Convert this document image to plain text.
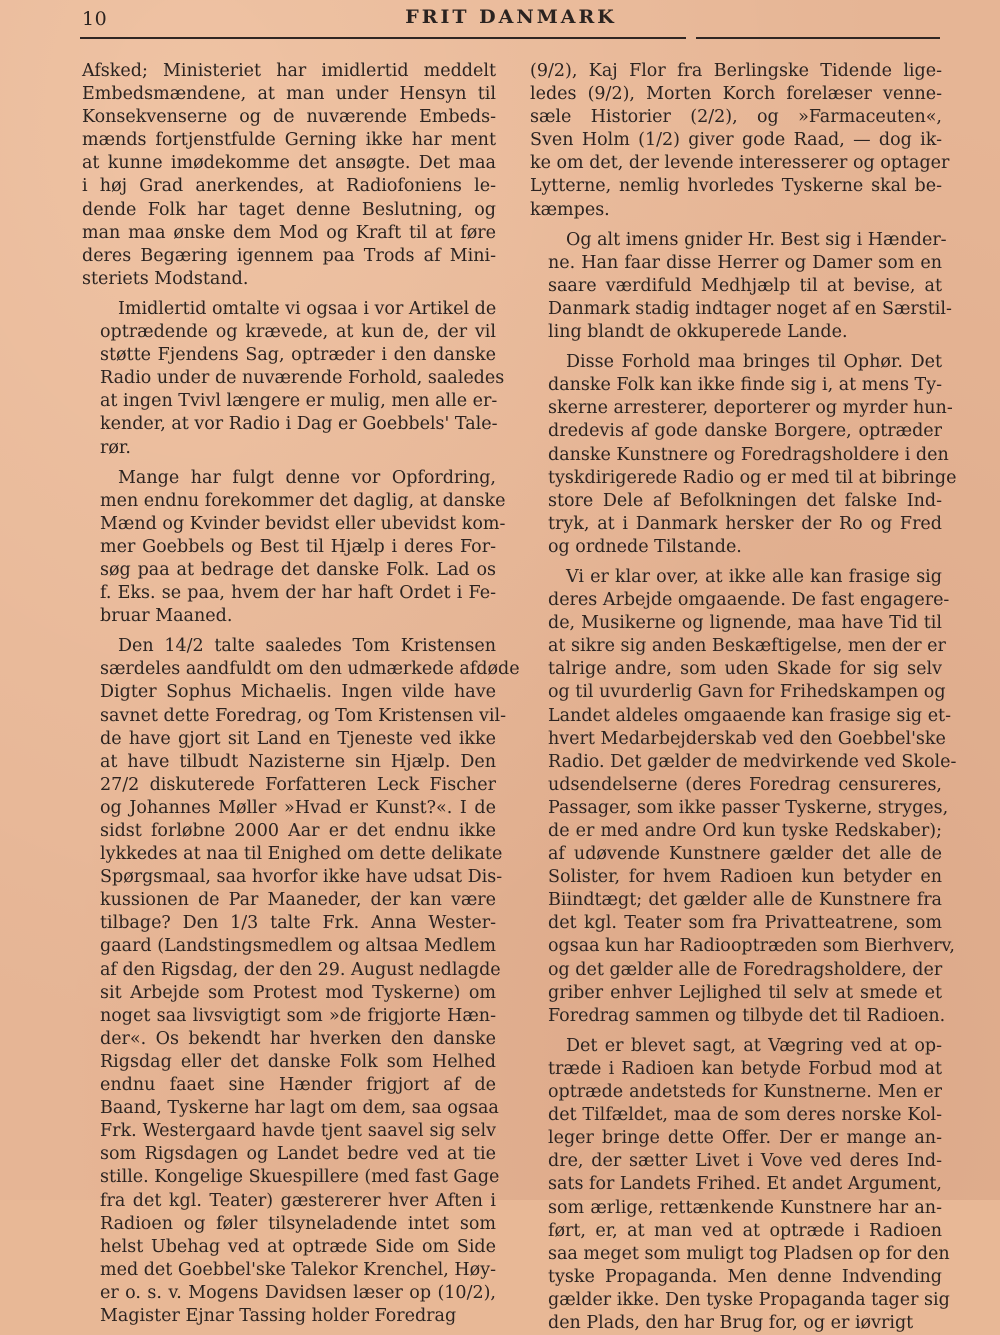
10	FRIT DANMARK

Afsked; Ministeriet har imidlertid meddelt
Embedsmændene, at man under Hensyn til
Konsekvenserne og de nuværende Embeds-
mænds fortjenstfulde Gerning ikke har ment
at kunne imødekomme det ansøgte. Det maa
i høj Grad anerkendes, at Radiofoniens le-
dende Folk har taget denne Beslutning, og
man maa ønske dem Mod og Kraft til at føre
deres Begæring igennem paa Trods af Mini-
steriets Modstand.

Imidlertid omtalte vi ogsaa i vor Artikel de
optrædende og krævede, at kun de, der vil
støtte Fjendens Sag, optræder i den danske
Radio under de nuværende Forhold, saaledes
at ingen Tvivl længere er mulig, men alle er-
kender, at vor Radio i Dag er Goebbels' Tale-
rør.

Mange har fulgt denne vor Opfordring,
men endnu forekommer det daglig, at danske
Mænd og Kvinder bevidst eller ubevidst kom-
mer Goebbels og Best til Hjælp i deres For-
søg paa at bedrage det danske Folk. Lad os
f. Eks. se paa, hvem der har haft Ordet i Fe-
bruar Maaned.

Den 14/2 talte saaledes Tom Kristensen
særdeles aandfuldt om den udmærkede afdøde
Digter Sophus Michaelis. Ingen vilde have
savnet dette Foredrag, og Tom Kristensen vil-
de have gjort sit Land en Tjeneste ved ikke
at have tilbudt Nazisterne sin Hjælp. Den
27/2 diskuterede Forfatteren Leck Fischer
og Johannes Møller »Hvad er Kunst?«. I de
sidst forløbne 2000 Aar er det endnu ikke
lykkedes at naa til Enighed om dette delikate
Spørgsmaal, saa hvorfor ikke have udsat Dis-
kussionen de Par Maaneder, der kan være
tilbage? Den 1/3 talte Frk. Anna Wester-
gaard (Landstingsmedlem og altsaa Medlem
af den Rigsdag, der den 29. August nedlagde
sit Arbejde som Protest mod Tyskerne) om
noget saa livsvigtigt som »de frigjorte Hæn-
der«. Os bekendt har hverken den danske
Rigsdag eller det danske Folk som Helhed
endnu faaet sine Hænder frigjort af de
Baand, Tyskerne har lagt om dem, saa ogsaa
Frk. Westergaard havde tjent saavel sig selv
som Rigsdagen og Landet bedre ved at tie
stille. Kongelige Skuespillere (med fast Gage
fra det kgl. Teater) gæstererer hver Aften i
Radioen og føler tilsyneladende intet som
helst Ubehag ved at optræde Side om Side
med det Goebbel'ske Talekor Krenchel, Høy-
er o. s. v. Mogens Davidsen læser op (10/2),
Magister Ejnar Tassing holder Foredrag

(9/2), Kaj Flor fra Berlingske Tidende lige-
ledes (9/2), Morten Korch forelæser venne-
sæle Historier (2/2), og »Farmaceuten«,
Sven Holm (1/2) giver gode Raad, — dog ik-
ke om det, der levende interesserer og optager
Lytterne, nemlig hvorledes Tyskerne skal be-
kæmpes.

Og alt imens gnider Hr. Best sig i Hænder-
ne. Han faar disse Herrer og Damer som en
saare værdifuld Medhjælp til at bevise, at
Danmark stadig indtager noget af en Særstil-
ling blandt de okkuperede Lande.

Disse Forhold maa bringes til Ophør. Det
danske Folk kan ikke finde sig i, at mens Ty-
skerne arresterer, deporterer og myrder hun-
dredevis af gode danske Borgere, optræder
danske Kunstnere og Foredragsholdere i den
tyskdirigerede Radio og er med til at bibringe
store Dele af Befolkningen det falske Ind-
tryk, at i Danmark hersker der Ro og Fred
og ordnede Tilstande.

Vi er klar over, at ikke alle kan frasige sig
deres Arbejde omgaaende. De fast engagere-
de, Musikerne og lignende, maa have Tid til
at sikre sig anden Beskæftigelse, men der er
talrige andre, som uden Skade for sig selv
og til uvurderlig Gavn for Frihedskampen og
Landet aldeles omgaaende kan frasige sig et-
hvert Medarbejderskab ved den Goebbel'ske
Radio. Det gælder de medvirkende ved Skole-
udsendelserne (deres Foredrag censureres,
Passager, som ikke passer Tyskerne, stryges,
de er med andre Ord kun tyske Redskaber);
af udøvende Kunstnere gælder det alle de
Solister, for hvem Radioen kun betyder en
Biindtægt; det gælder alle de Kunstnere fra
det kgl. Teater som fra Privatteatrene, som
ogsaa kun har Radiooptræden som Bierhverv,
og det gælder alle de Foredragsholdere, der
griber enhver Lejlighed til selv at smede et
Foredrag sammen og tilbyde det til Radioen.

Det er blevet sagt, at Vægring ved at op-
træde i Radioen kan betyde Forbud mod at
optræde andetsteds for Kunstnerne. Men er
det Tilfældet, maa de som deres norske Kol-
leger bringe dette Offer. Der er mange an-
dre, der sætter Livet i Vove ved deres Ind-
sats for Landets Frihed. Et andet Argument,
som ærlige, rettænkende Kunstnere har an-
ført, er, at man ved at optræde i Radioen
saa meget som muligt tog Pladsen op for den
tyske Propaganda. Men denne Indvending
gælder ikke. Den tyske Propaganda tager sig
den Plads, den har Brug for, og er iøvrigt
